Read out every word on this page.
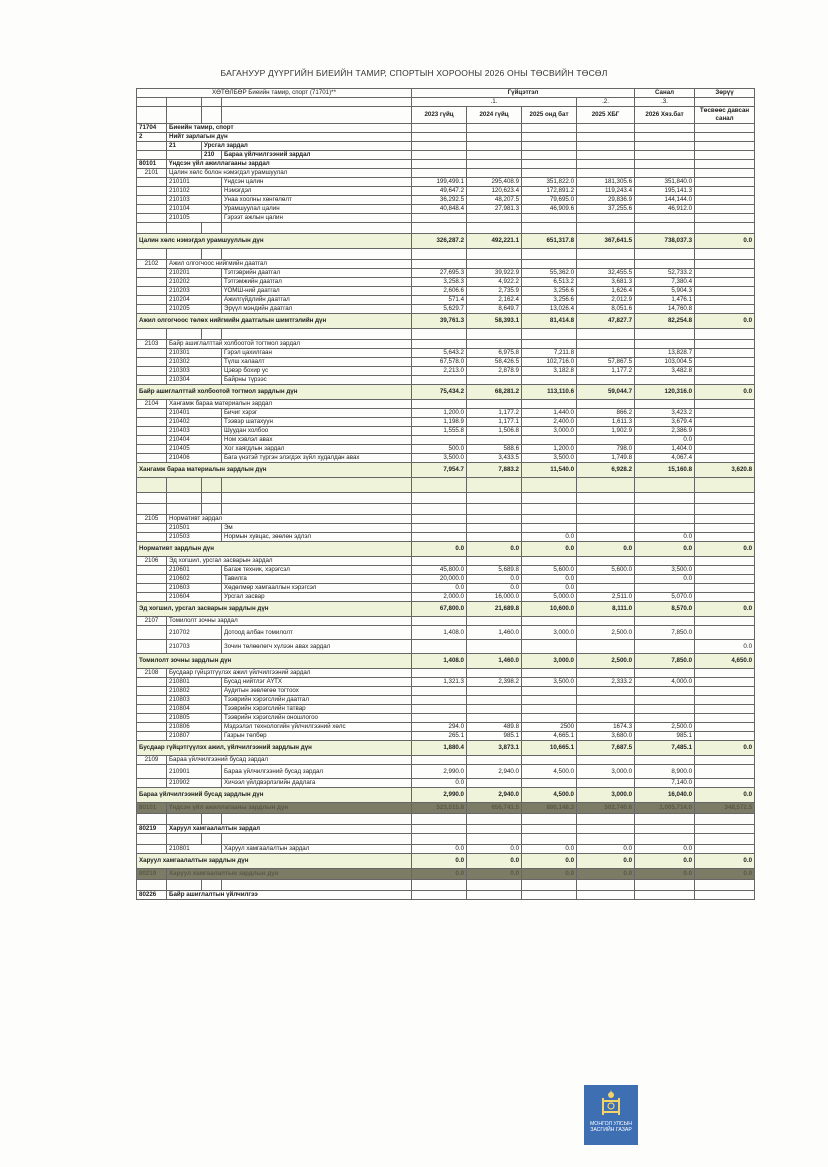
БАГАНУУР ДҮҮРГИЙН БИЕИЙН ТАМИР, СПОРТЫН ХОРООНЫ 2026 ОНЫ ТӨСВИЙН ТӨСӨЛ
ХӨТӨЛБӨР Биеийн тамир, спорт (71701)**				Гүйцэтгэл				Санал	Зөрүү
				.1.			.2.	.3.	
				2023 гүйц	2024 гүйц	2025 онд бат	2025 ХБГ	2026 Хяз.бат	Төсвөөс давсан санал
71704	Биеийн тамир, спорт								
2	Нийт зарлагын дүн								
	21	Урсгал зардал							
		210	Бараа үйлчилгээний зардал						
80101	Үндсэн үйл ажиллагааны зардал								
2101	Цалин хөлс болон нэмэгдэл урамшуулал								
	210101		Үндсэн цалин	199,499.1	295,408.9	351,822.0	181,305.6	351,840.0	
	210102		Нэмэгдэл	49,647.2	120,623.4	172,891.2	119,243.4	195,141.3	
	210103		Унаа хоолны хөнгөлөлт	36,292.5	48,207.5	79,695.0	29,836.9	144,144.0	
	210104		Урамшуулал цалин	40,848.4	27,981.3	46,909.6	37,255.6	46,912.0	
	210105		Гэрээт ажлын цалин						

Цалин хөлс нэмэгдэл урамшууллын дүн				326,287.2	492,221.1	651,317.8	367,641.5	738,037.3	0.0

2102	Ажил олгогчоос нийгмийн даатгал								
	210201		Тэтгэврийн даатгал	27,695.3	39,922.9	55,362.0	32,455.5	52,733.2	
	210202		Тэтгэмжийн даатгал	3,258.3	4,922.2	6,513.2	3,681.3	7,380.4	
	210203		ҮОМШ-ний даатгал	2,606.6	2,735.9	3,256.6	1,626.4	5,904.3	
	210204		Ажилгүйдлийн даатгал	571.4	2,162.4	3,256.6	2,012.9	1,476.1	
	210205		Эрүүл мэндийн даатгал	5,629.7	8,649.7	13,026.4	8,051.6	14,760.8	
Ажил олгогчоос төлөх нийгмийн даатгалын шимтгэлийн дүн				39,761.3	58,393.1	81,414.8	47,827.7	82,254.8	0.0

2103	Байр ашиглалттай холбоотой тогтмол зардал								
	210301		Гэрэл цахилгаан	5,643.2	6,975.8	7,211.8		13,828.7	
	210302		Түлш халаалт	67,578.0	58,426.5	102,716.0	57,867.5	103,004.5	
	210303		Цэвэр бохир ус	2,213.0	2,878.9	3,182.8	1,177.2	3,482.8	
	210304		Байрны түрээс						
Байр ашиглалттай холбоотой тогтмол зардлын дүн				75,434.2	68,281.2	113,110.6	59,044.7	120,316.0	0.0
2104	Хангамж бараа материалын зардал								
	210401		Бичиг хэрэг	1,200.0	1,177.2	1,440.0	866.2	3,423.2	
	210402		Тээвэр шатахуун	1,198.9	1,177.1	2,400.0	1,611.3	3,679.4	
	210403		Шуудан холбоо	1,555.8	1,506.8	3,000.0	1,902.9	2,386.9	
	210404		Ном хэвлэл авах					0.0	
	210405		Хог хаягдлын зардал	500.0	588.6	1,200.0	798.0	1,404.0	
	210406		Бага үнэтэй түргэн элэгдэх зүйл худалдан авах	3,500.0	3,433.5	3,500.0	1,749.8	4,067.4	
Хангамж бараа материалын зардлын дүн				7,954.7	7,883.2	11,540.0	6,928.2	15,160.8	3,620.8

2105	Нормативт зардал								
	210501		Эм						
	210503		Нормын хувцас, зөөлөн эдлэл			0.0		0.0	
Нормативт зардлын дүн				0.0	0.0	0.0	0.0	0.0	0.0
2106	Эд хогшил, урсгал засварын зардал								
	210601		Багаж техник, хэрэгсэл	45,800.0	5,689.8	5,600.0	5,600.0	3,500.0	
	210602		Тавилга	20,000.0	0.0	0.0		0.0	
	210603		Хөдөлмөр хамгааллын хэрэгсэл	0.0	0.0	0.0			
	210604		Урсгал засвар	2,000.0	16,000.0	5,000.0	2,511.0	5,070.0	
Эд хогшил, урсгал засварын зардлын дүн				67,800.0	21,689.8	10,600.0	8,111.0	8,570.0	0.0
2107	Томилолт зочны зардал								
	210702		Дотоод албан томилолт	1,408.0	1,460.0	3,000.0	2,500.0	7,850.0	
	210703		Зочин төлөөлөгч хүлээн авах зардал						0.0
Томилолт зочны зардлын дүн				1,408.0	1,460.0	3,000.0	2,500.0	7,850.0	4,650.0
2108	Бусдаар гүйцэтгүүлэх ажил үйлчилгээний зардал								
	210801		Бусад нийтлэг АҮТХ	1,321.3	2,398.2	3,500.0	2,333.2	4,000.0	
	210802		Аудитын зөвлөгөө тогтоох						
	210803		Тээврийн хэрэгслийн даатгал						
	210804		Тээврийн хэрэгслийн татвар						
	210805		Тээврийн хэрэгслийн оношлогоо						
	210806		Мэдээлэл технологийн үйлчилгээний хөлс	294.0	489.8	2500	1674.3	2,500.0	
	210807		Газрын төлбөр	265.1	985.1	4,665.1	3,680.0	985.1	
Бусдаар гүйцэтгүүлэх ажил, үйлчилгээний зардлын дүн				1,880.4	3,873.1	10,665.1	7,687.5	7,485.1	0.0
2109	Бараа үйлчилгээний бусад зардал								
	210901		Бараа үйлчилгээний бусад зардал	2,990.0	2,940.0	4,500.0	3,000.0	8,900.0	
	210902		Хичээл үйлдвэрлэлийн дадлага	0.0				7,140.0	
Бараа үйлчилгээний бусад зардлын дүн				2,990.0	2,940.0	4,500.0	3,000.0	16,040.0	0.0
80101	Үндсэн үйл ажиллагааны зардлын дүн			523,515.8	656,741.5	886,148.3	502,740.6	1,005,714.0	348,572.5

80219	Харуул хамгаалалтын зардал								

	210801		Харуул хамгаалалтын зардал	0.0	0.0	0.0	0.0	0.0	
Харуул хамгаалалтын зардлын дүн				0.0	0.0	0.0	0.0	0.0	0.0
80219	Харуул хамгаалалтын зардлын дүн			0.0	0.0	0.0	0.0	0.0	0.0

80226	Байр ашиглалтын үйлчилгээ								
МОНГОЛ УЛСЫН
ЗАСГИЙН ГАЗАР
